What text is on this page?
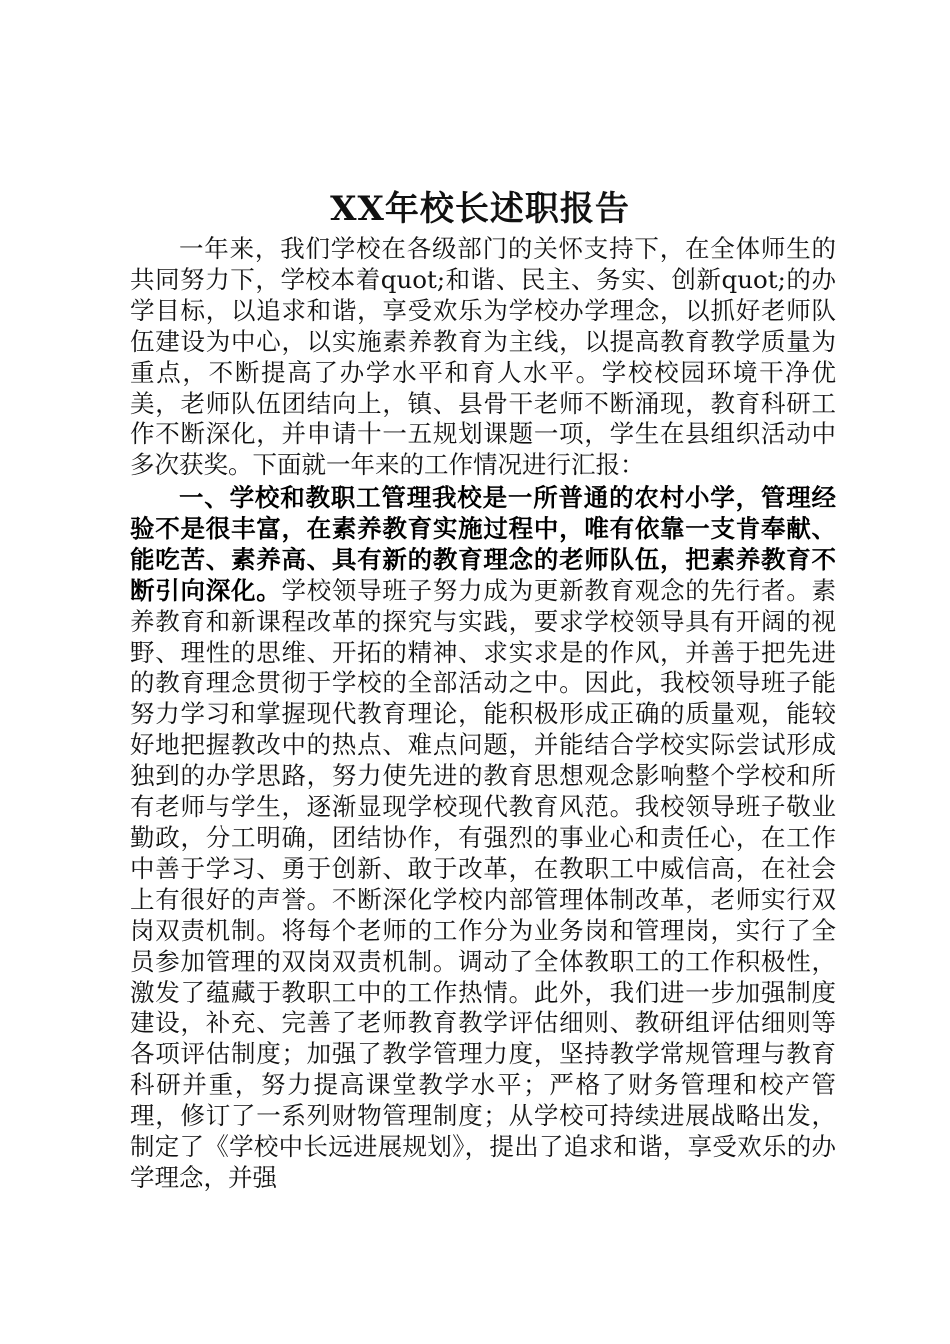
XX年校长述职报告

一年来，我们学校在各级部门的关怀支持下，在全体师生的共同努力下，学校本着quot;和谐、民主、务实、创新quot;的办学目标，以追求和谐，享受欢乐为学校办学理念，以抓好老师队伍建设为中心，以实施素养教育为主线，以提高教育教学质量为重点，不断提高了办学水平和育人水平。学校校园环境干净优美，老师队伍团结向上，镇、县骨干老师不断涌现，教育科研工作不断深化，并申请十一五规划课题一项，学生在县组织活动中多次获奖。下面就一年来的工作情况进行汇报：

一、学校和教职工管理我校是一所普通的农村小学，管理经验不是很丰富，在素养教育实施过程中，唯有依靠一支肯奉献、能吃苦、素养高、具有新的教育理念的老师队伍，把素养教育不断引向深化。学校领导班子努力成为更新教育观念的先行者。素养教育和新课程改革的探究与实践，要求学校领导具有开阔的视野、理性的思维、开拓的精神、求实求是的作风，并善于把先进的教育理念贯彻于学校的全部活动之中。因此，我校领导班子能努力学习和掌握现代教育理论，能积极形成正确的质量观，能较好地把握教改中的热点、难点问题，并能结合学校实际尝试形成独到的办学思路，努力使先进的教育思想观念影响整个学校和所有老师与学生，逐渐显现学校现代教育风范。我校领导班子敬业勤政，分工明确，团结协作，有强烈的事业心和责任心，在工作中善于学习、勇于创新、敢于改革，在教职工中威信高，在社会上有很好的声誉。不断深化学校内部管理体制改革，老师实行双岗双责机制。将每个老师的工作分为业务岗和管理岗，实行了全员参加管理的双岗双责机制。调动了全体教职工的工作积极性，激发了蕴藏于教职工中的工作热情。此外，我们进一步加强制度建设，补充、完善了老师教育教学评估细则、教研组评估细则等各项评估制度；加强了教学管理力度，坚持教学常规管理与教育科研并重，努力提高课堂教学水平；严格了财务管理和校产管理，修订了一系列财物管理制度；从学校可持续进展战略出发，制定了《学校中长远进展规划》，提出了追求和谐，享受欢乐的办学理念，并强
